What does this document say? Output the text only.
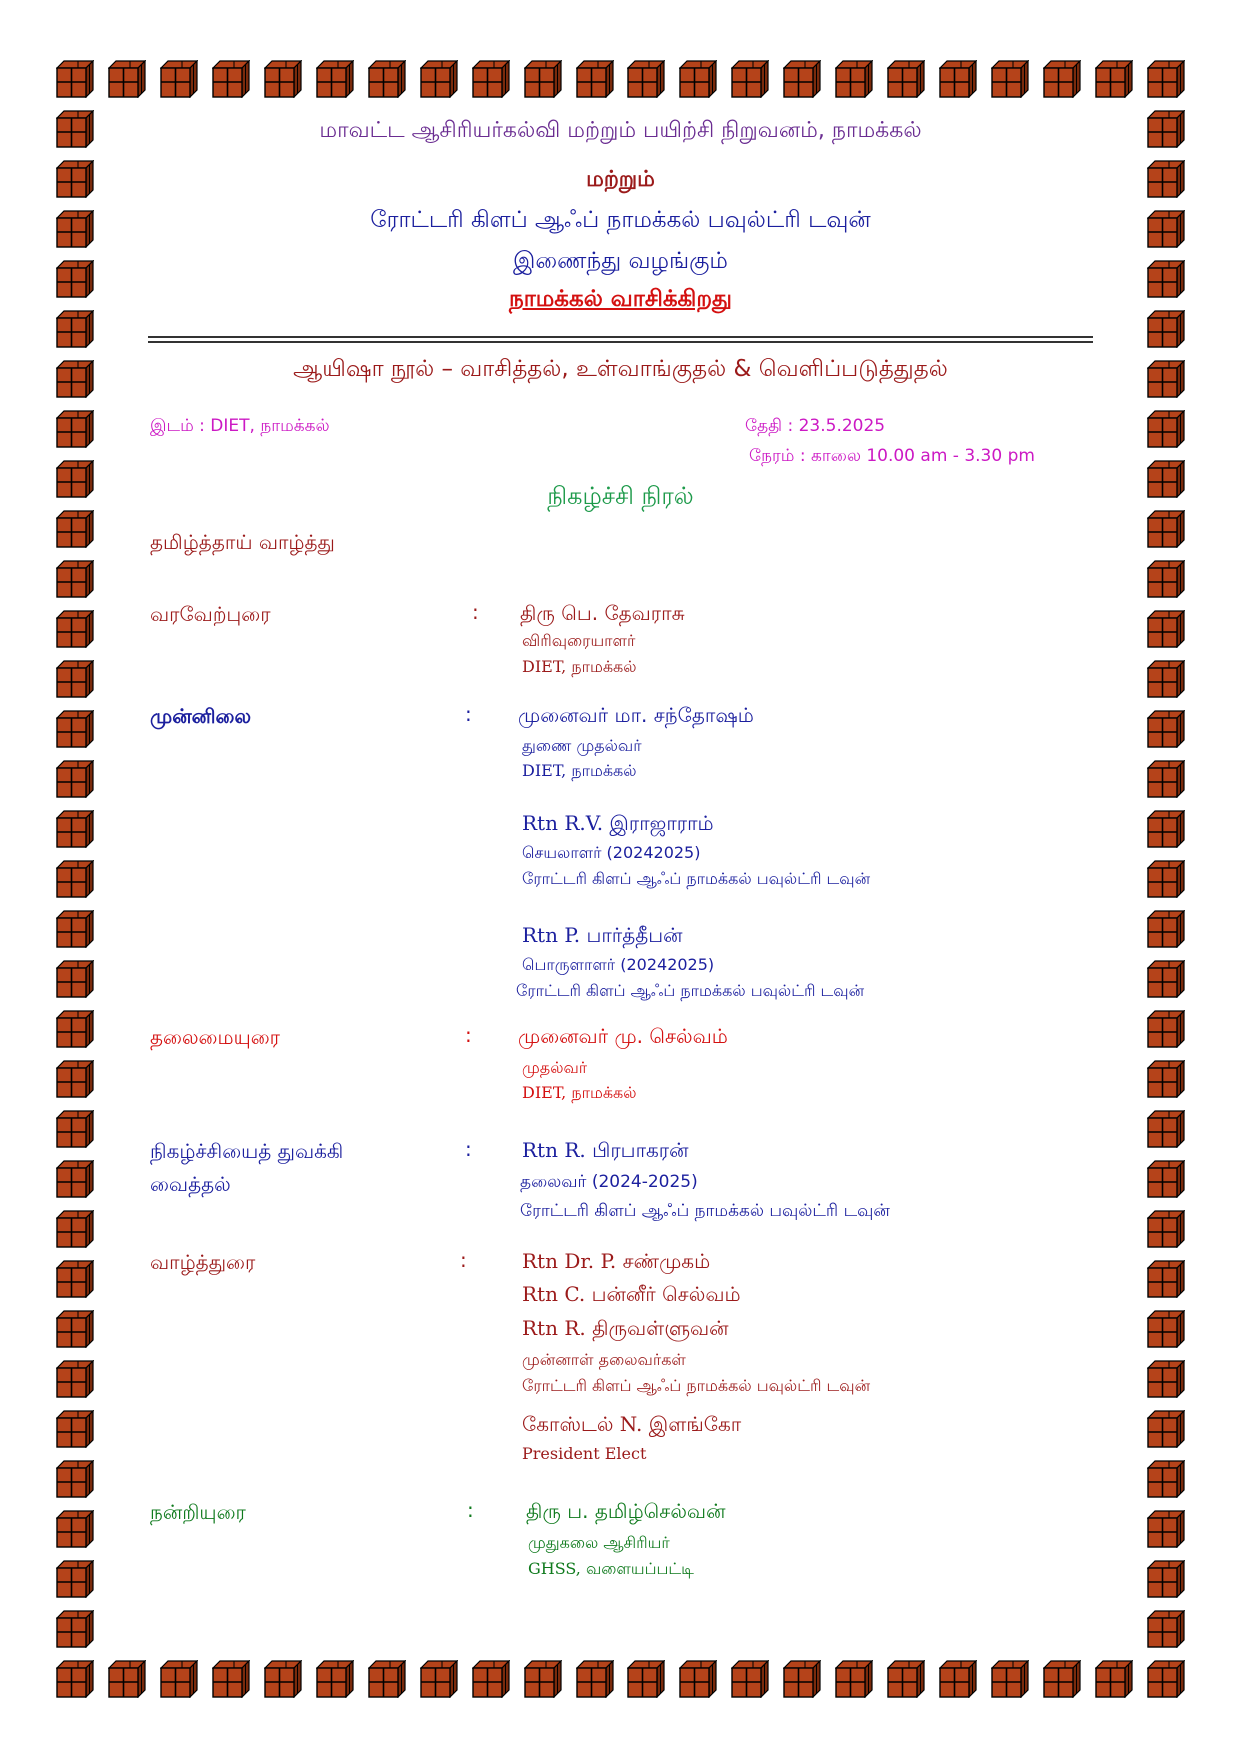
மாவட்ட ஆசிரியர்கல்வி மற்றும் பயிற்சி நிறுவனம், நாமக்கல்
மற்றும்
ரோட்டரி கிளப் ஆஃப் நாமக்கல் பவுல்ட்ரி டவுன்
இணைந்து வழங்கும்
நாமக்கல் வாசிக்கிறது
ஆயிஷா நூல் – வாசித்தல், உள்வாங்குதல் & வெளிப்படுத்துதல்
இடம் : DIET, நாமக்கல்	தேதி : 23.5.2025
நேரம் : காலை 10.00 am - 3.30 pm
நிகழ்ச்சி நிரல்
தமிழ்த்தாய் வாழ்த்து
வரவேற்புரை	: திரு பெ. தேவராசு
விரிவுரையாளர்
DIET, நாமக்கல்
முன்னிலை	: முனைவர் மா. சந்தோஷம்
துணை முதல்வர்
DIET, நாமக்கல்
Rtn R.V. இராஜாராம்
செயலாளர் (20242025)
ரோட்டரி கிளப் ஆஃப் நாமக்கல் பவுல்ட்ரி டவுன்
Rtn P. பார்த்தீபன்
பொருளாளர் (20242025)
ரோட்டரி கிளப் ஆஃப் நாமக்கல் பவுல்ட்ரி டவுன்
தலைமையுரை	: முனைவர் மு. செல்வம்
முதல்வர்
DIET, நாமக்கல்
நிகழ்ச்சியைத் துவக்கி
வைத்தல்
:	Rtn R. பிரபாகரன்
தலைவர் (2024-2025)
ரோட்டரி கிளப் ஆஃப் நாமக்கல் பவுல்ட்ரி டவுன்
வாழ்த்துரை	:	Rtn Dr. P. சண்முகம்
Rtn C. பன்னீர் செல்வம்
Rtn R. திருவள்ளுவன்
முன்னாள் தலைவர்கள்
ரோட்டரி கிளப் ஆஃப் நாமக்கல் பவுல்ட்ரி டவுன்
கோஸ்டல் N. இளங்கோ
President Elect
நன்றியுரை	:	திரு ப. தமிழ்செல்வன்
முதுகலை ஆசிரியர்
GHSS, வளையப்பட்டி
